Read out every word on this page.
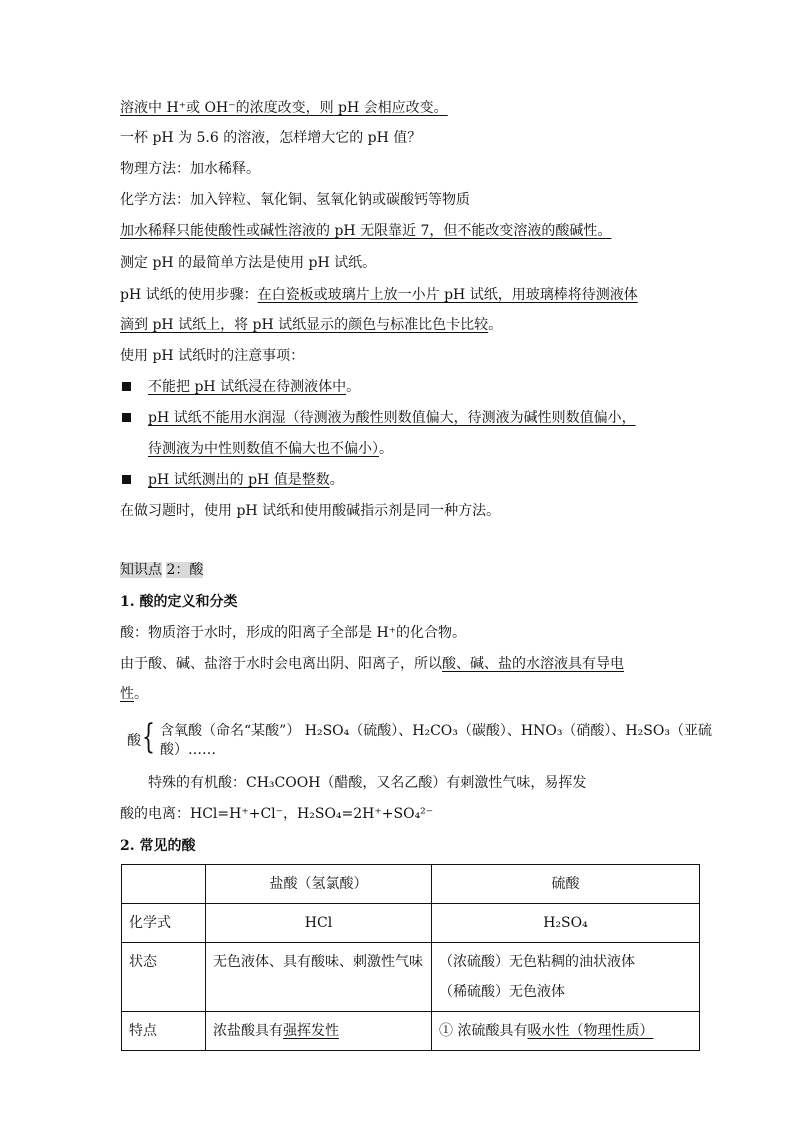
溶液中 H⁺或 OH⁻的浓度改变，则 pH 会相应改变。
一杯 pH 为 5.6 的溶液，怎样增大它的 pH 值？
物理方法：加水稀释。
化学方法：加入锌粒、氧化铜、氢氧化钠或碳酸钙等物质
加水稀释只能使酸性或碱性溶液的 pH 无限靠近 7，但不能改变溶液的酸碱性。
测定 pH 的最简单方法是使用 pH 试纸。
pH 试纸的使用步骤：在白瓷板或玻璃片上放一小片 pH 试纸，用玻璃棒将待测液体
滴到 pH 试纸上，将 pH 试纸显示的颜色与标准比色卡比较。
使用 pH 试纸时的注意事项：
不能把 pH 试纸浸在待测液体中。
pH 试纸不能用水润湿（待测液为酸性则数值偏大，待测液为碱性则数值偏小，
待测液为中性则数值不偏大也不偏小）。
pH 试纸测出的 pH 值是整数。
在做习题时，使用 pH 试纸和使用酸碱指示剂是同一种方法。
知识点 2：酸
1. 酸的定义和分类
酸：物质溶于水时，形成的阳离子全部是 H⁺的化合物。
由于酸、碱、盐溶于水时会电离出阴、阳离子，所以酸、碱、盐的水溶液具有导电
性。
酸 { 含氧酸（命名“某酸”） H₂SO₄（硫酸）、H₂CO₃（碳酸）、HNO₃（硝酸）、H₂SO₃（亚硫
酸）……
特殊的有机酸：CH₃COOH（醋酸，又名乙酸）有刺激性气味，易挥发
酸的电离：HCl=H⁺+Cl⁻，H₂SO₄=2H⁺+SO₄²⁻
2. 常见的酸
	盐酸（氢氯酸）	硫酸
化学式	HCl	H₂SO₄
状态	无色液体、具有酸味、刺激性气味	（浓硫酸）无色粘稠的油状液体
（稀硫酸）无色液体

特点	浓盐酸具有强挥发性	① 浓硫酸具有吸水性（物理性质）
